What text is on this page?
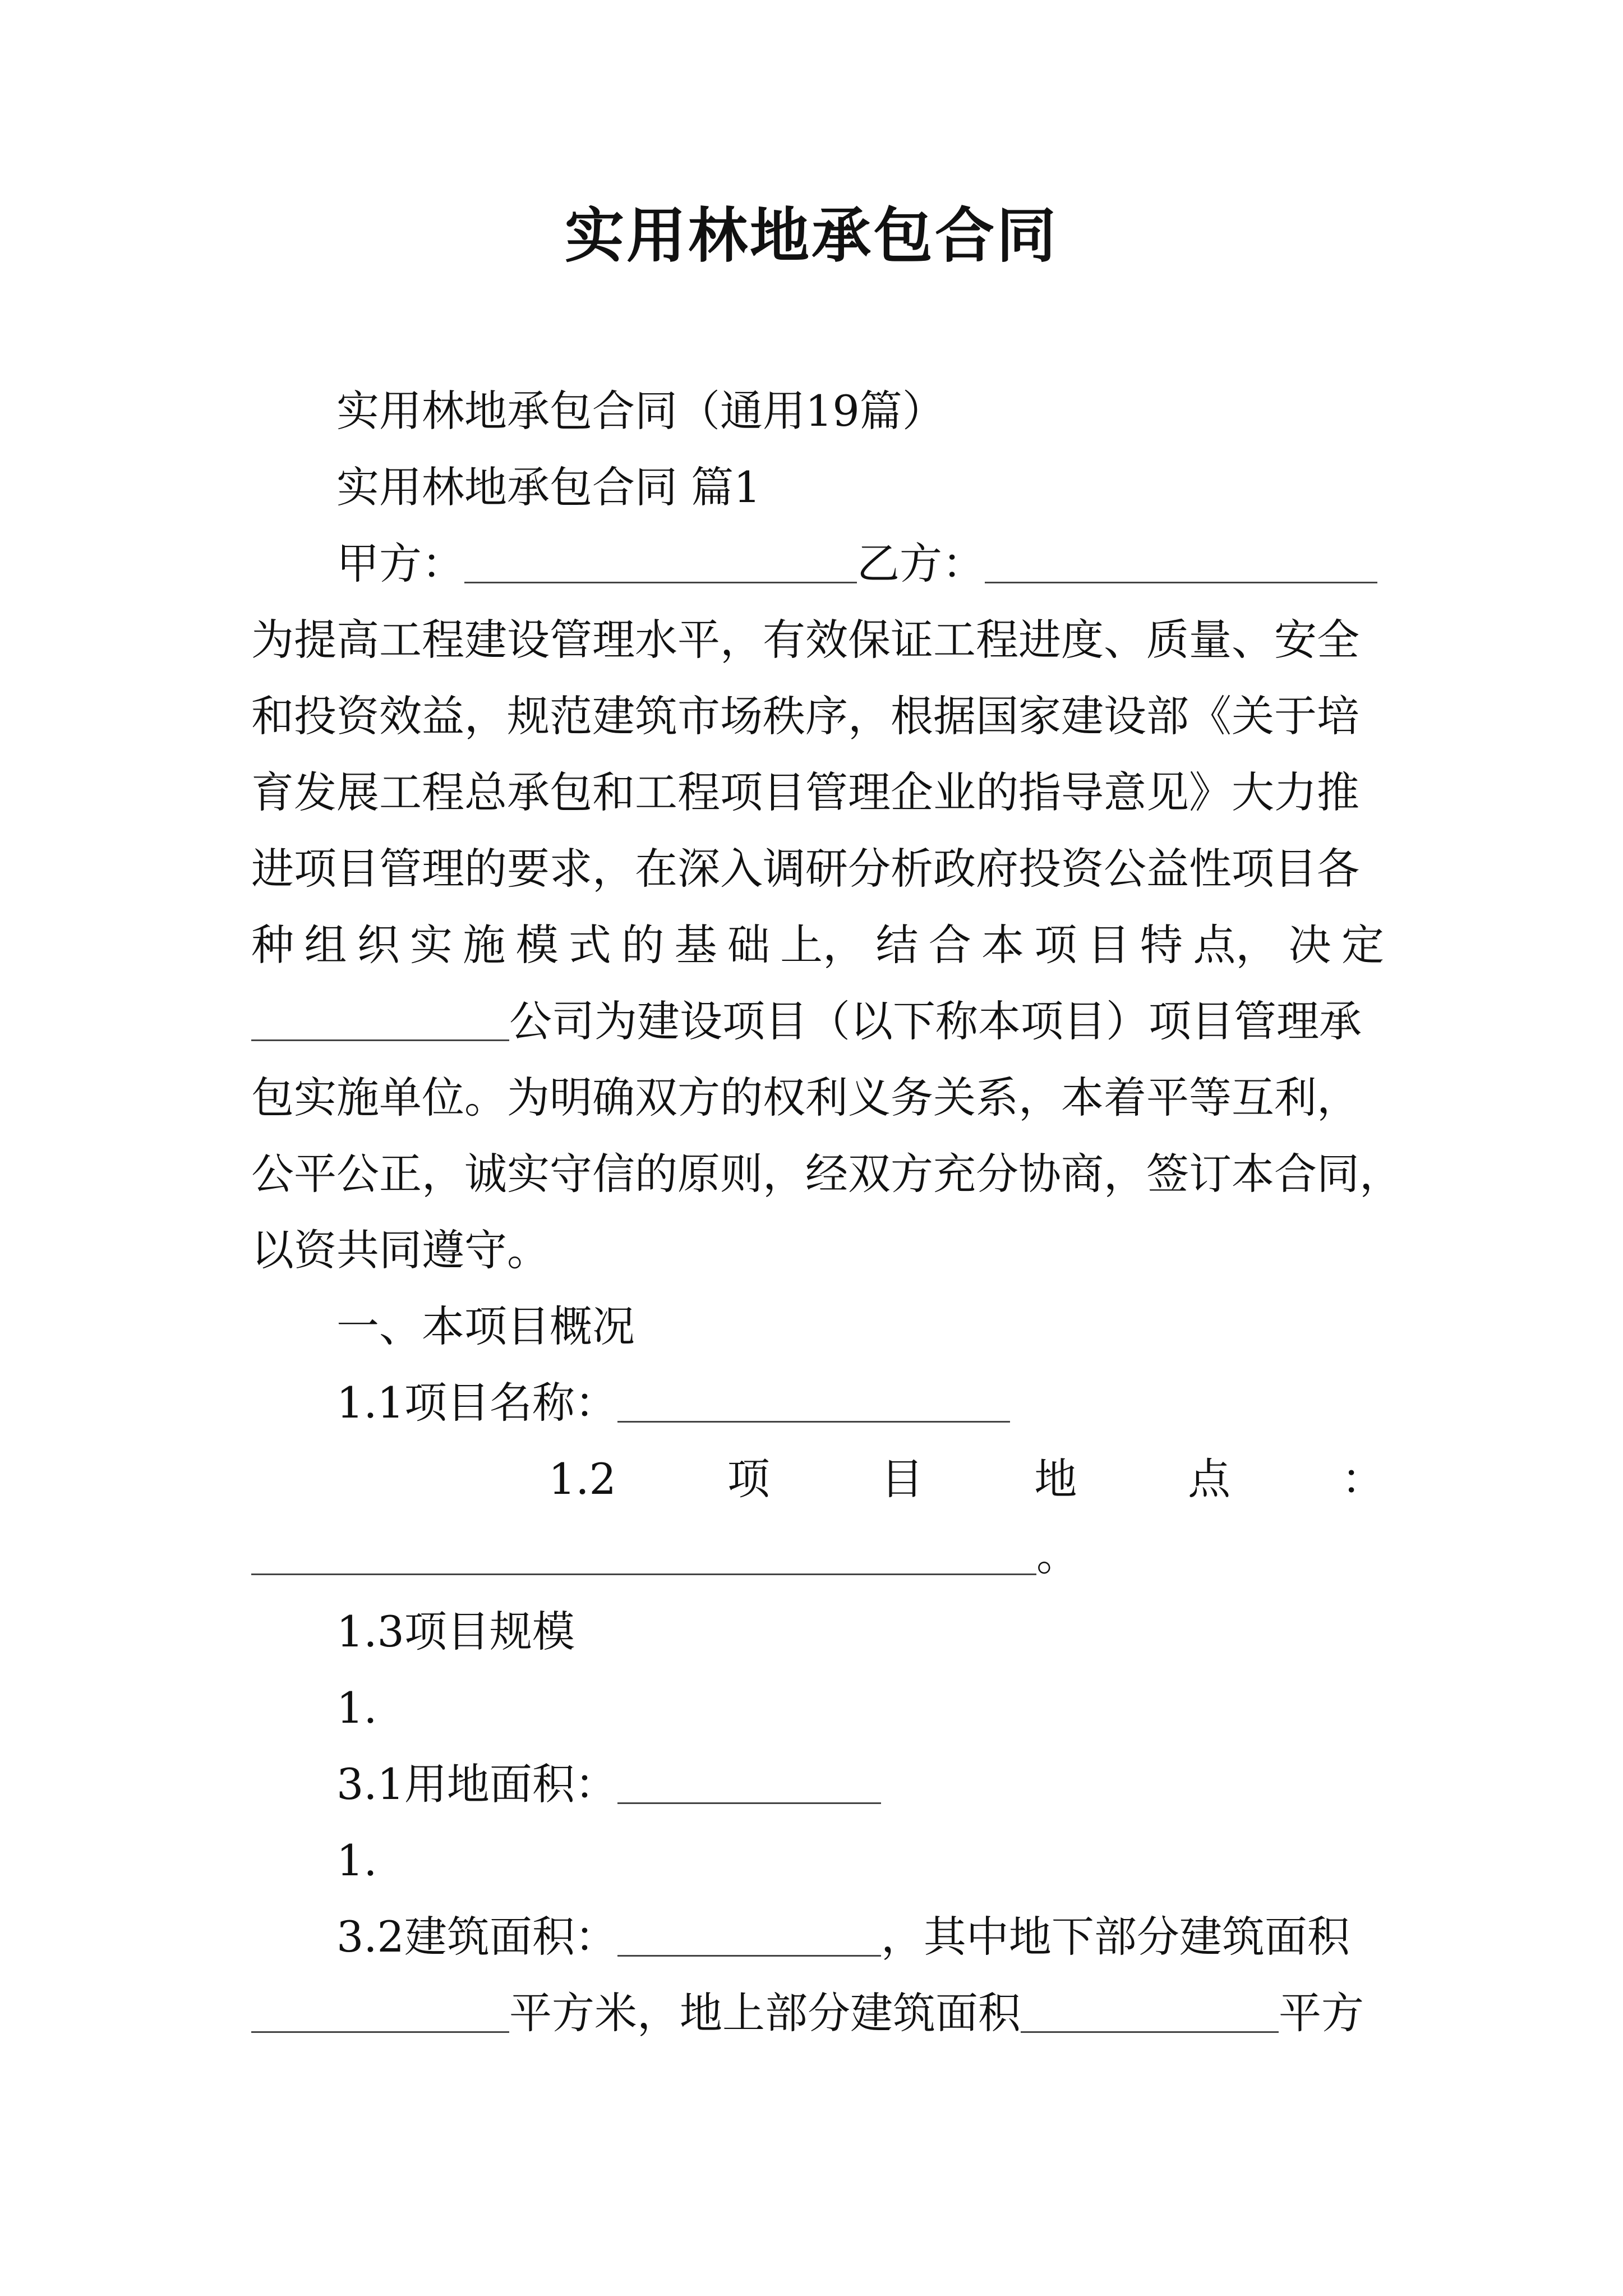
实用林地承包合同

实用林地承包合同（通用19篇）

实用林地承包合同 篇1

甲方：	乙方：

为提高工程建设管理水平，有效保证工程进度、质量、安全

和投资效益，规范建筑市场秩序，根据国家建设部《关于培

育发展工程总承包和工程项目管理企业的指导意见》大力推

进项目管理的要求，在深入调研分析政府投资公益性项目各

种 组 织 实 施 模 式 的 基 础 上， 结 合 本 项 目 特 点， 决 定

公司为建设项目（以下称本项目）项目管理承

包实施单位。为明确双方的权利义务关系，本着平等互利，

公平公正，诚实守信的原则，经双方充分协商，签订本合同，

以资共同遵守。

一、本项目概况

1.1项目名称：

1.2	项	目	地	点	：

。

1.3项目规模

1.

3.1用地面积：

1.

3.2建筑面积：	，其中地下部分建筑面积

平方米，地上部分建筑面积	平方
